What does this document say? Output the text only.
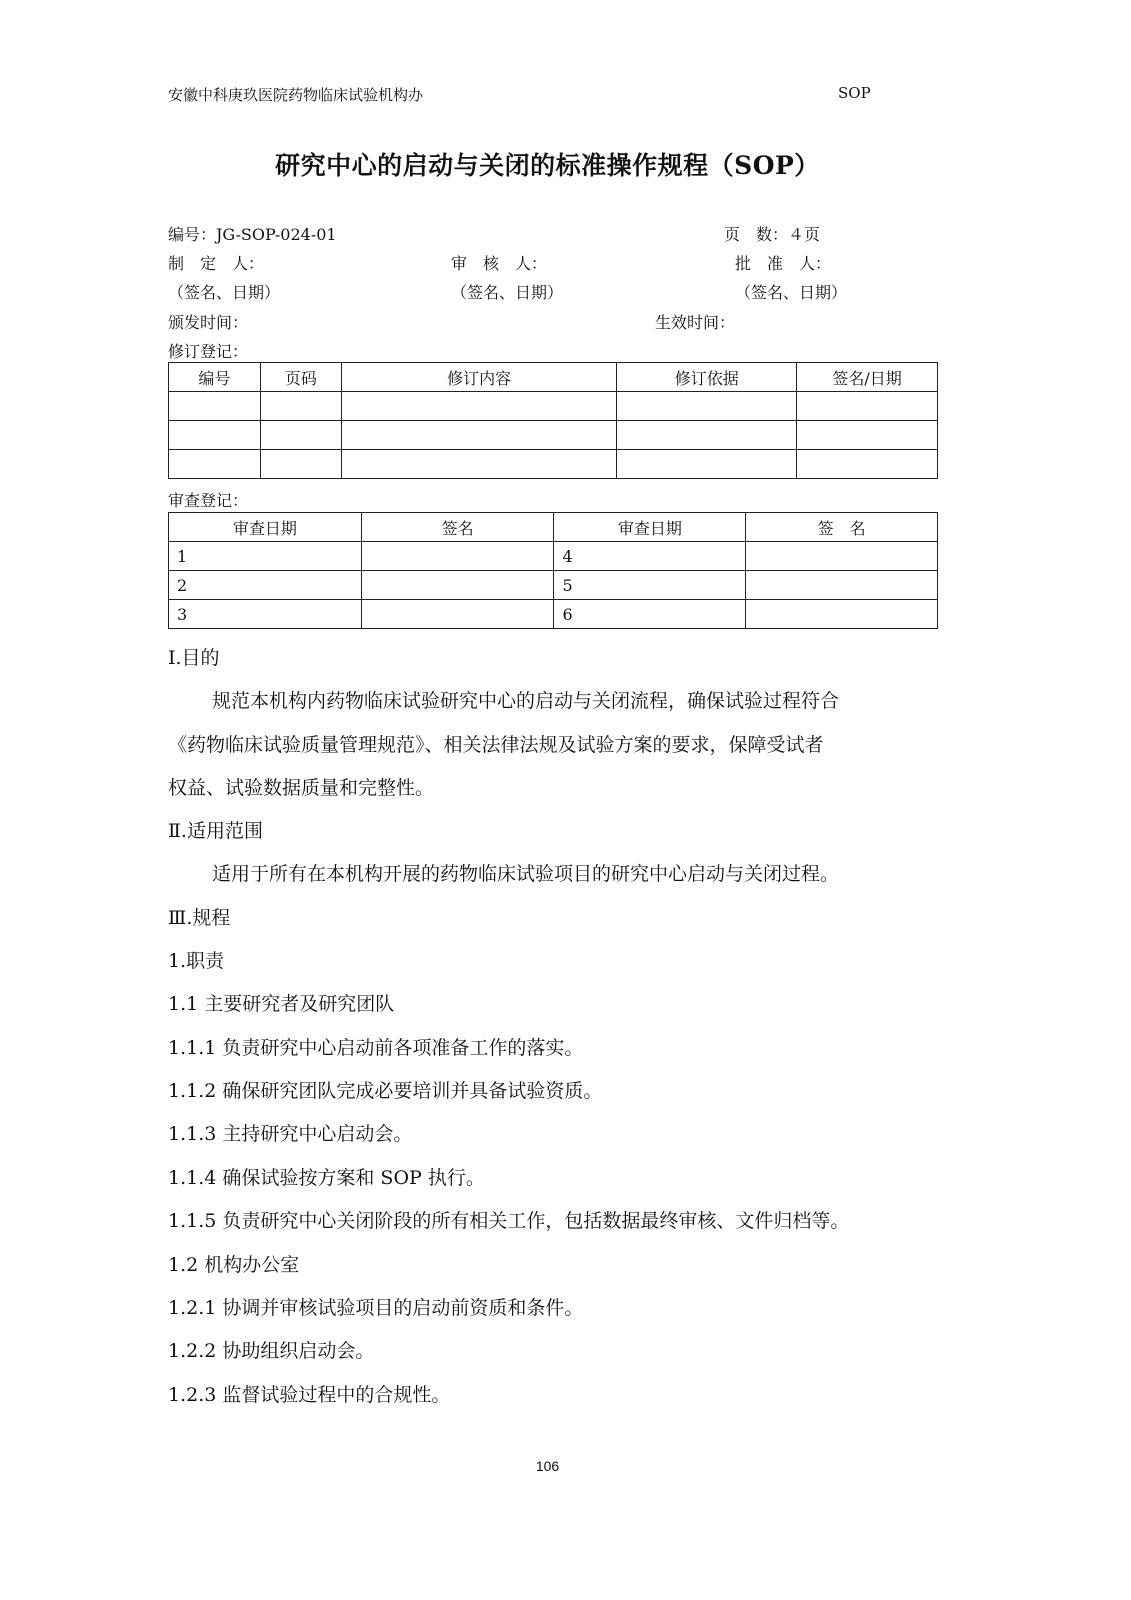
安徽中科庚玖医院药物临床试验机构办	SOP
研究中心的启动与关闭的标准操作规程（SOP）
编号：JG-SOP-024-01	页　数：４页
制　定　人：	审　核　人：	批　准　人：
（签名、日期）	（签名、日期）	（签名、日期）
颁发时间：	生效时间：
修订登记：
编号	页码	修订内容	修订依据	签名/日期

审查登记：
审查日期	签名	审查日期	签　名
1		4	
2		5	
3		6	
Ⅰ.目的
规范本机构内药物临床试验研究中心的启动与关闭流程，确保试验过程符合
《药物临床试验质量管理规范》、相关法律法规及试验方案的要求，保障受试者
权益、试验数据质量和完整性。
Ⅱ.适用范围
适用于所有在本机构开展的药物临床试验项目的研究中心启动与关闭过程。
Ⅲ.规程
1.职责
1.1 主要研究者及研究团队
1.1.1 负责研究中心启动前各项准备工作的落实。
1.1.2 确保研究团队完成必要培训并具备试验资质。
1.1.3 主持研究中心启动会。
1.1.4 确保试验按方案和 SOP 执行。
1.1.5 负责研究中心关闭阶段的所有相关工作，包括数据最终审核、文件归档等。
1.2 机构办公室
1.2.1 协调并审核试验项目的启动前资质和条件。
1.2.2 协助组织启动会。
1.2.3 监督试验过程中的合规性。
106
